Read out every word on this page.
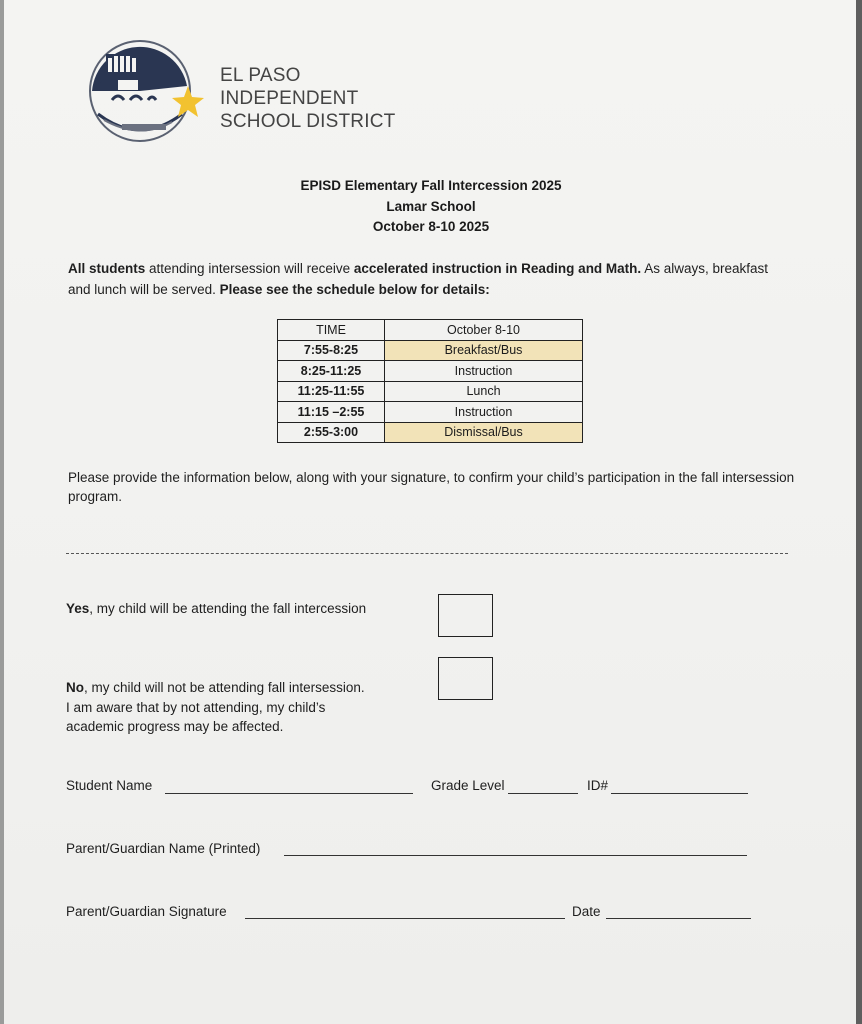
EL PASO
INDEPENDENT
SCHOOL DISTRICT
EPISD Elementary Fall Intercession 2025
Lamar School
October 8-10 2025
All students attending intersession will receive accelerated instruction in Reading and Math. As always, breakfast and lunch will be served. Please see the schedule below for details:
TIME	October 8-10
7:55-8:25	Breakfast/Bus
8:25-11:25	Instruction
11:25-11:55	Lunch
11:15 –2:55	Instruction
2:55-3:00	Dismissal/Bus
Please provide the information below, along with your signature, to confirm your child’s participation in the fall intersession program.
Yes, my child will be attending the fall intercession
No, my child will not be attending fall intersession.
I am aware that by not attending, my child’s
academic progress may be affected.
Student Name	Grade Level	ID#
Parent/Guardian Name (Printed)
Parent/Guardian Signature	Date
